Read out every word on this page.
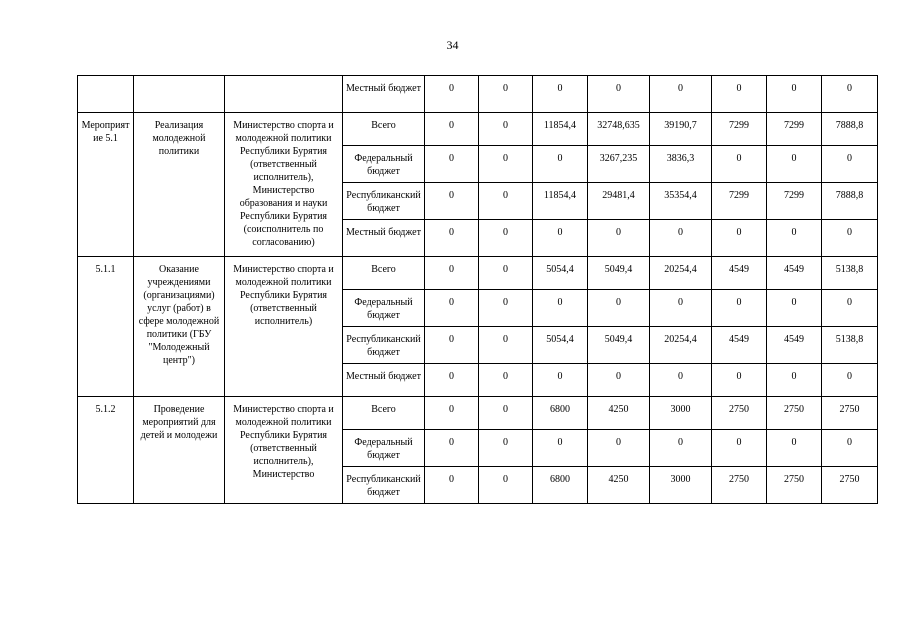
34
			Местный бюджет	0	0	0	0	0	0	0	0
Мероприятие 5.1	Реализация молодежной политики	Министерство спорта и молодежной политики Республики Бурятия (ответственный исполнитель), Министерство образования и науки Республики Бурятия (соисполнитель по согласованию)	Всего	0	0	11854,4	32748,635	39190,7	7299	7299	7888,8
			Федеральный бюджет	0	0	0	3267,235	3836,3	0	0	0
			Республиканский бюджет	0	0	11854,4	29481,4	35354,4	7299	7299	7888,8
			Местный бюджет	0	0	0	0	0	0	0	0
5.1.1	Оказание учреждениями (организациями) услуг (работ) в сфере молодежной политики (ГБУ "Молодежный центр")	Министерство спорта и молодежной политики Республики Бурятия (ответственный исполнитель)	Всего	0	0	5054,4	5049,4	20254,4	4549	4549	5138,8
			Федеральный бюджет	0	0	0	0	0	0	0	0
			Республиканский бюджет	0	0	5054,4	5049,4	20254,4	4549	4549	5138,8
			Местный бюджет	0	0	0	0	0	0	0	0
5.1.2	Проведение мероприятий для детей и молодежи	Министерство спорта и молодежной политики Республики Бурятия (ответственный исполнитель), Министерство	Всего	0	0	6800	4250	3000	2750	2750	2750
			Федеральный бюджет	0	0	0	0	0	0	0	0
			Республиканский бюджет	0	0	6800	4250	3000	2750	2750	2750
